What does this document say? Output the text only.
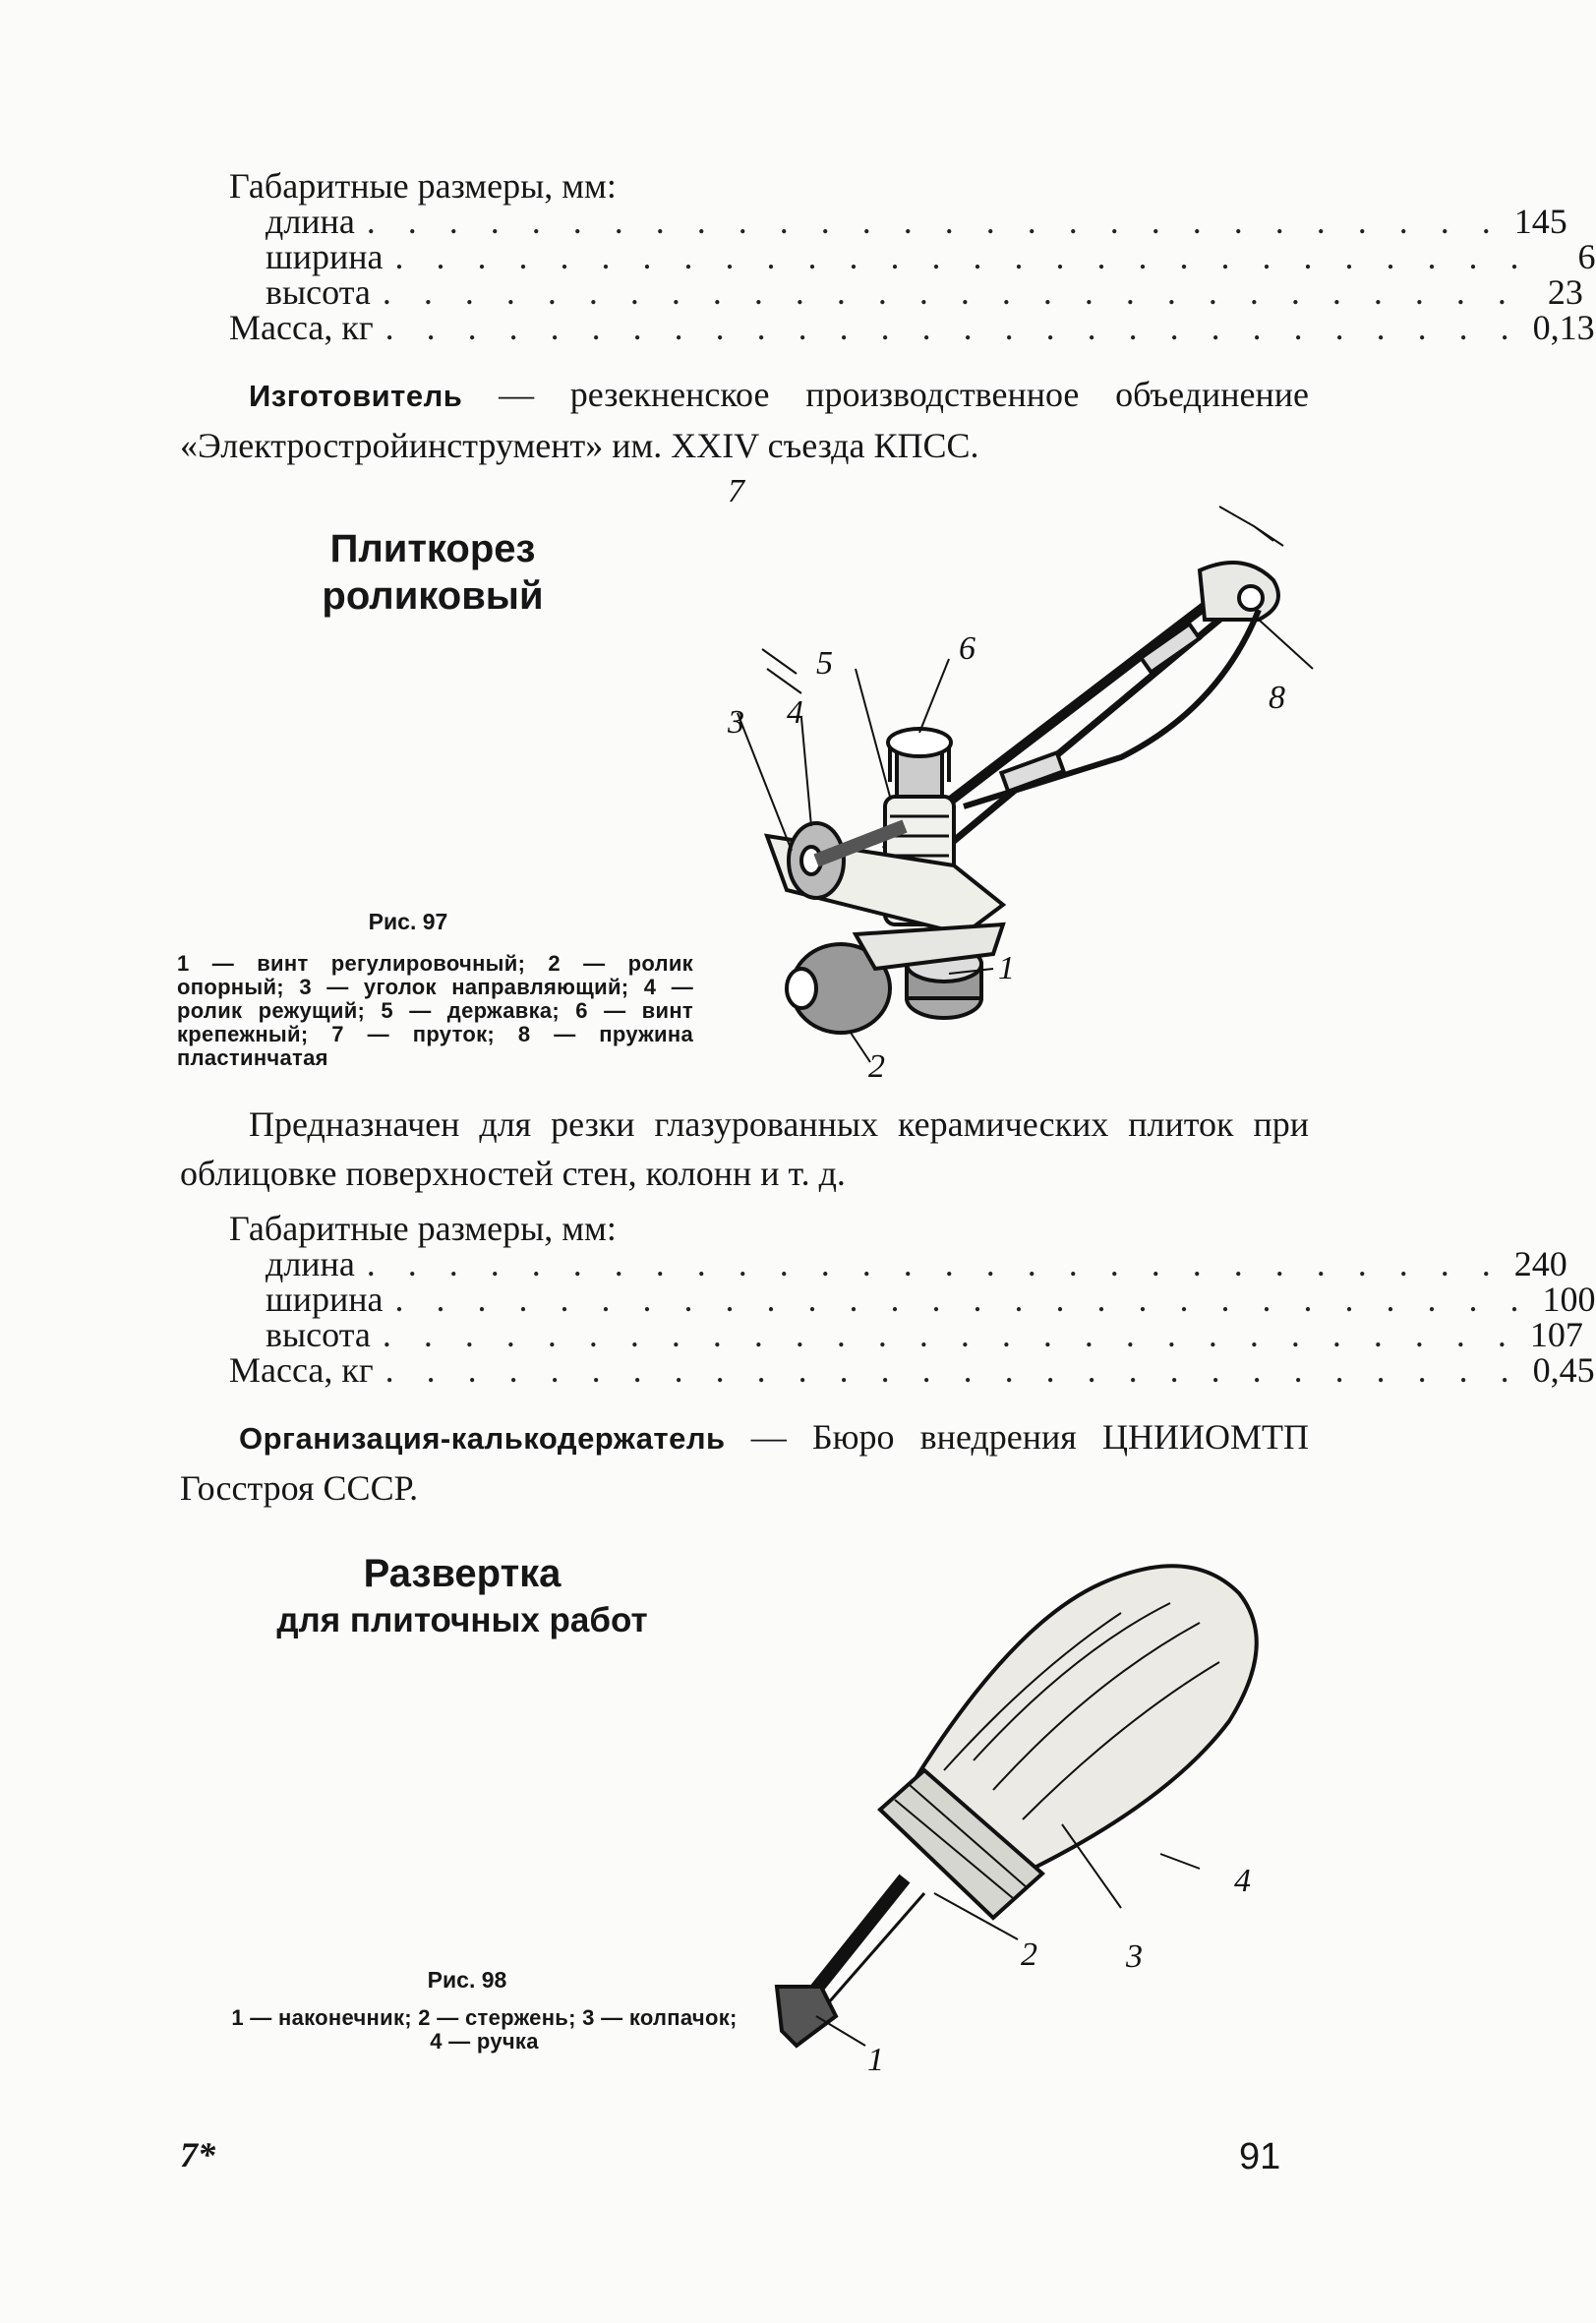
Габаритные размеры, мм:
длина . . . . . . . . . . . . . . . . . . . . . . . . . . . . 145
ширина . . . . . . . . . . . . . . . . . . . . . . . . . . . .	6
высота . . . . . . . . . . . . . . . . . . . . . . . . . . . . 23
Масса, кг . . . . . . . . . . . . . . . . . . . . . . . . . . . . 0,13
Изготовитель — резекненское производственное объединение «Электростройинструмент» им. XXIV съезда КПСС.
Плиткорез
роликовый
7
6
5
4
3
1
2
8
Рис. 97
1 — винт регулировочный; 2 — ролик опорный; 3 — уголок направляющий; 4 — ролик режущий; 5 — державка; 6 — винт крепежный; 7 — пруток; 8 — пружина пластинчатая
Предназначен для резки глазурованных керамических плиток при облицовке поверхностей стен, колонн и т. д.
Габаритные размеры, мм:
длина . . . . . . . . . . . . . . . . . . . . . . . . . . . . 240
ширина . . . . . . . . . . . . . . . . . . . . . . . . . . . . 100
высота . . . . . . . . . . . . . . . . . . . . . . . . . . . . 107
Масса, кг . . . . . . . . . . . . . . . . . . . . . . . . . . . . 0,45
Организация-калькодержатель — Бюро внедрения ЦНИИОМТП Госстроя СССР.
Развертка
для плиточных работ
4
3
2
1
Рис. 98
1 — наконечник; 2 — стержень; 3 — колпачок; 4 — ручка
7*	91
